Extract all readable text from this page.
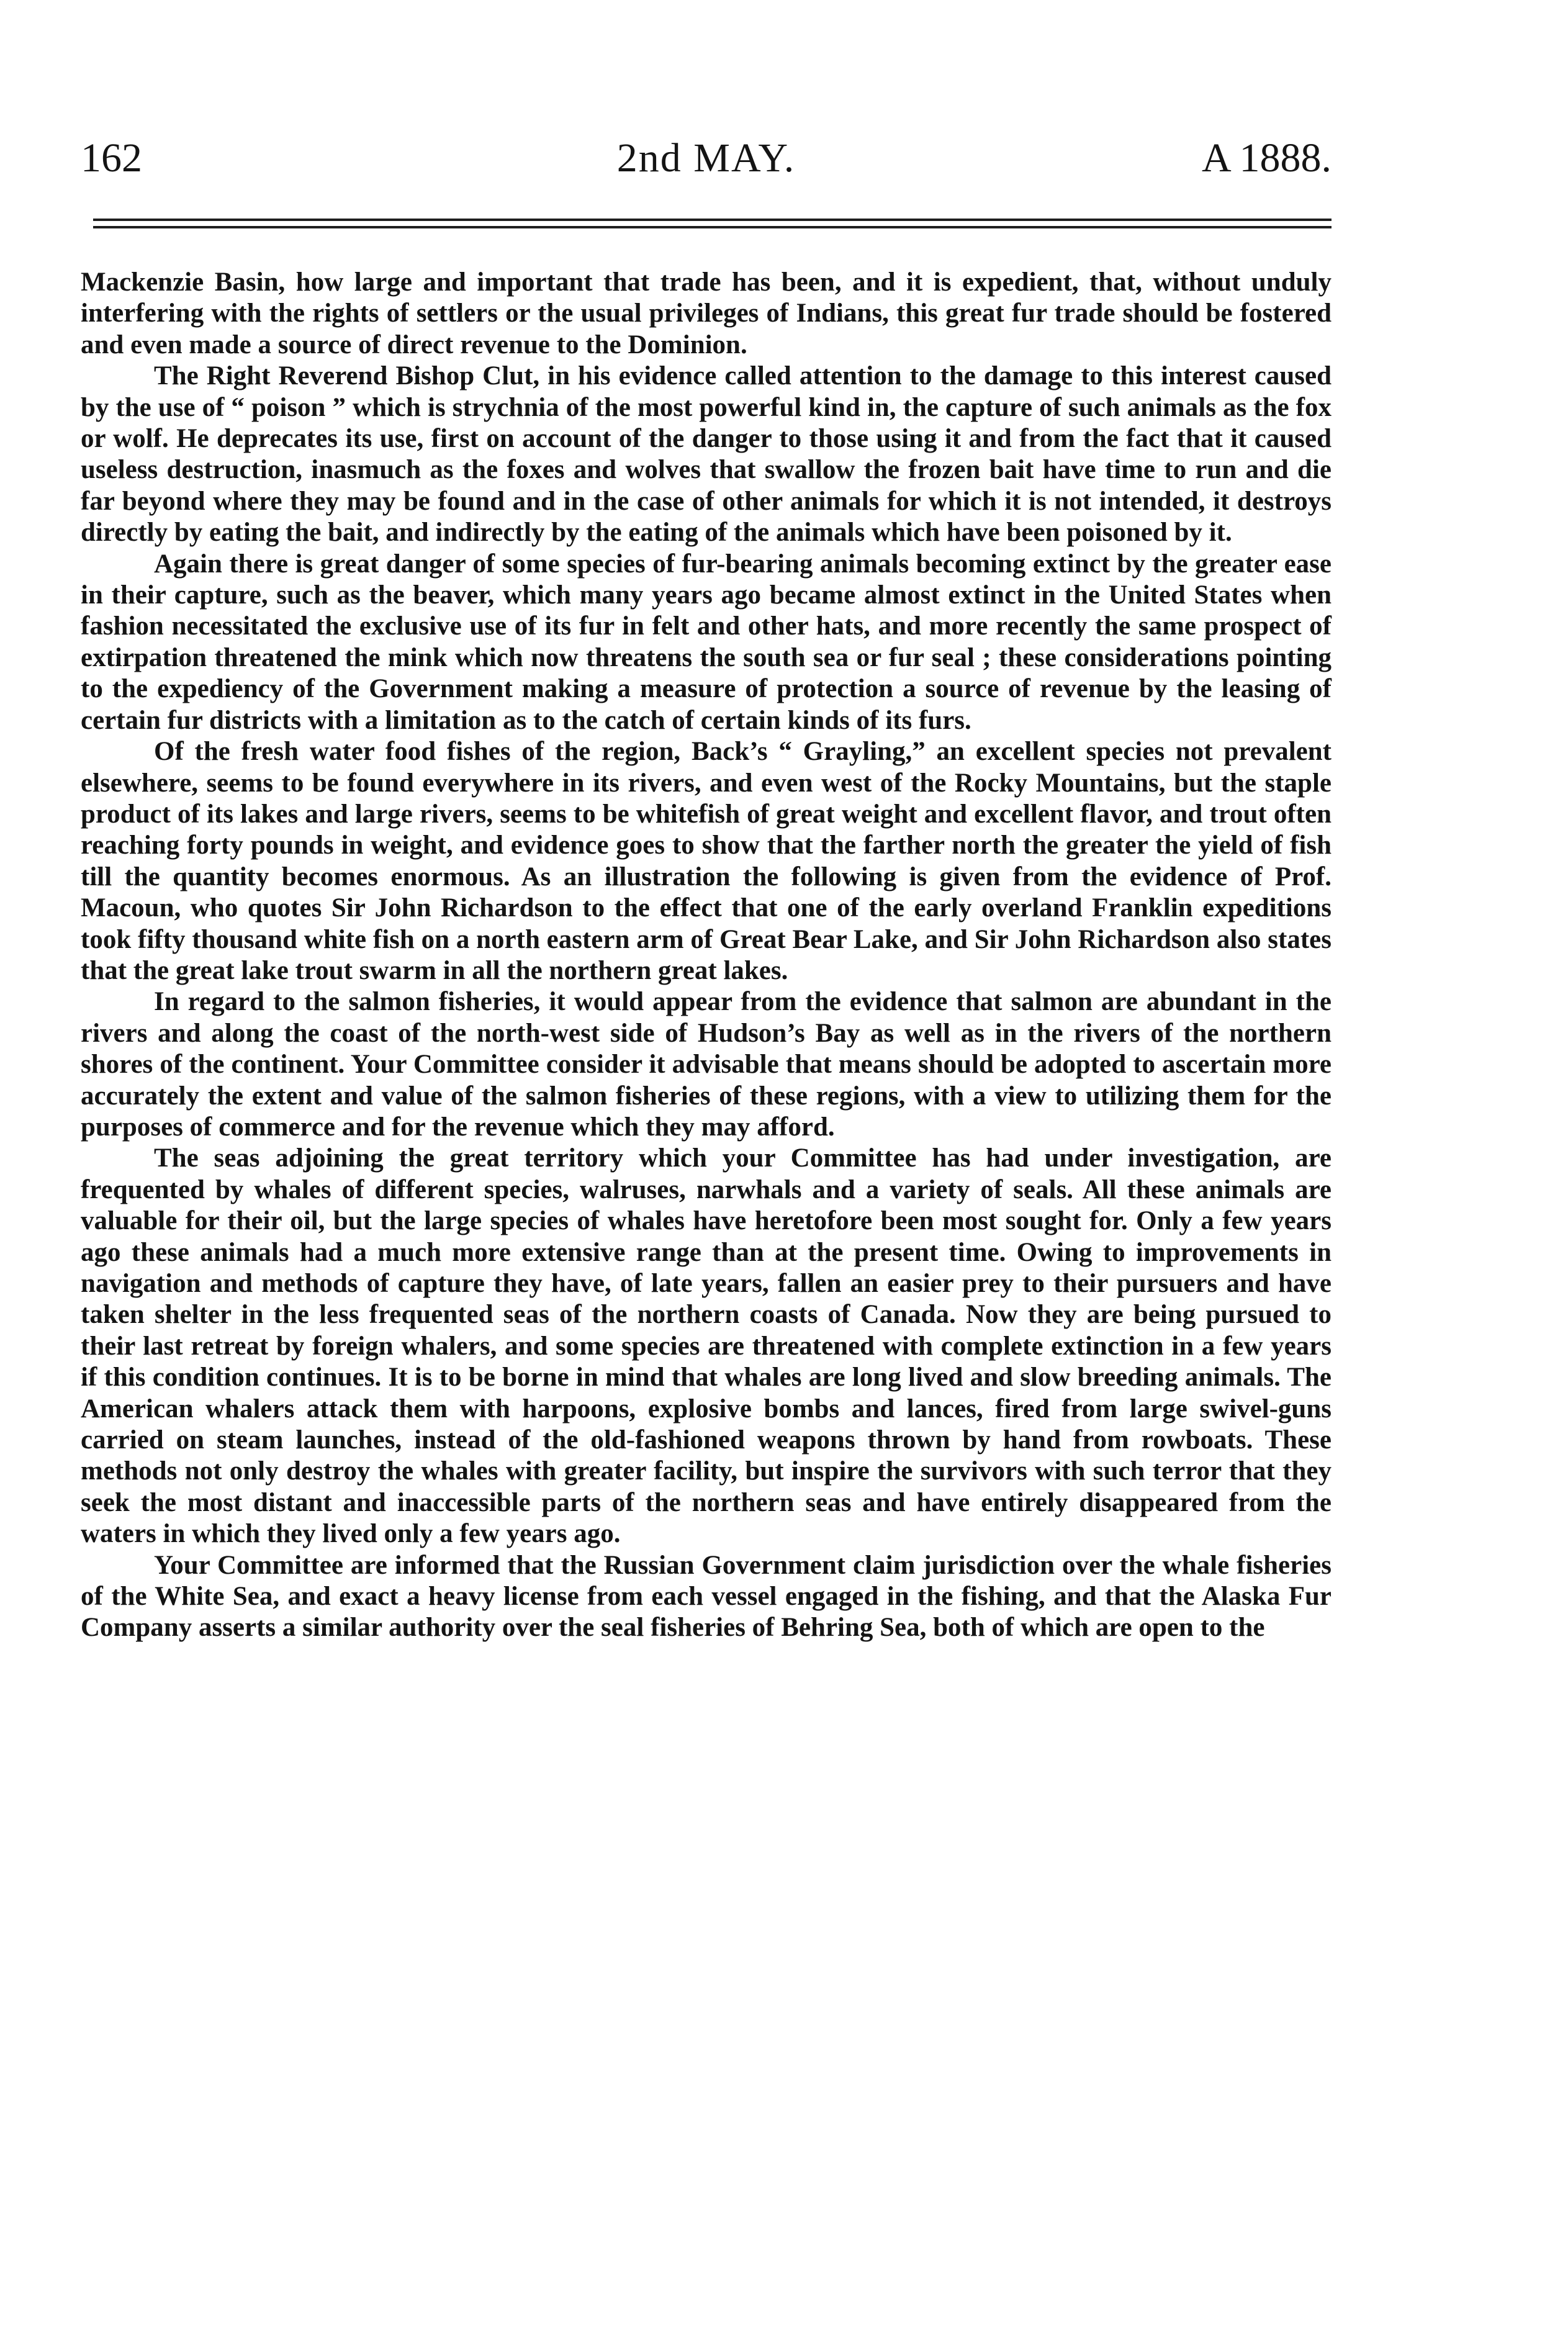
162	2nd MAY.	A 1888.

Mackenzie Basin, how large and important that trade has been, and it is expedient, that, without unduly interfering with the rights of settlers or the usual privileges of Indians, this great fur trade should be fostered and even made a source of direct revenue to the Dominion.

The Right Reverend Bishop Clut, in his evidence called attention to the damage to this interest caused by the use of “ poison ” which is strychnia of the most powerful kind in, the capture of such animals as the fox or wolf. He deprecates its use, first on account of the danger to those using it and from the fact that it caused useless destruction, inasmuch as the foxes and wolves that swallow the frozen bait have time to run and die far beyond where they may be found and in the case of other animals for which it is not intended, it destroys directly by eating the bait, and indirectly by the eating of the animals which have been poisoned by it.

Again there is great danger of some species of fur-bearing animals becoming extinct by the greater ease in their capture, such as the beaver, which many years ago became almost extinct in the United States when fashion necessitated the exclusive use of its fur in felt and other hats, and more recently the same prospect of extirpation threatened the mink which now threatens the south sea or fur seal ; these considerations pointing to the expediency of the Government making a measure of protection a source of revenue by the leasing of certain fur districts with a limitation as to the catch of certain kinds of its furs.

Of the fresh water food fishes of the region, Back’s “ Grayling,” an excellent species not prevalent elsewhere, seems to be found everywhere in its rivers, and even west of the Rocky Mountains, but the staple product of its lakes and large rivers, seems to be whitefish of great weight and excellent flavor, and trout often reaching forty pounds in weight, and evidence goes to show that the farther north the greater the yield of fish till the quantity becomes enormous. As an illustration the following is given from the evidence of Prof. Macoun, who quotes Sir John Richardson to the effect that one of the early overland Franklin expeditions took fifty thousand white fish on a north eastern arm of Great Bear Lake, and Sir John Richardson also states that the great lake trout swarm in all the northern great lakes.

In regard to the salmon fisheries, it would appear from the evidence that salmon are abundant in the rivers and along the coast of the north-west side of Hudson’s Bay as well as in the rivers of the northern shores of the continent. Your Committee consider it advisable that means should be adopted to ascertain more accurately the extent and value of the salmon fisheries of these regions, with a view to utilizing them for the purposes of commerce and for the revenue which they may afford.

The seas adjoining the great territory which your Committee has had under investigation, are frequented by whales of different species, walruses, narwhals and a variety of seals. All these animals are valuable for their oil, but the large species of whales have heretofore been most sought for. Only a few years ago these animals had a much more extensive range than at the present time. Owing to improvements in navigation and methods of capture they have, of late years, fallen an easier prey to their pursuers and have taken shelter in the less frequented seas of the northern coasts of Canada. Now they are being pursued to their last retreat by foreign whalers, and some species are threatened with complete extinction in a few years if this condition continues. It is to be borne in mind that whales are long lived and slow breeding animals. The American whalers attack them with harpoons, explosive bombs and lances, fired from large swivel-guns carried on steam launches, instead of the old-fashioned weapons thrown by hand from rowboats. These methods not only destroy the whales with greater facility, but inspire the survivors with such terror that they seek the most distant and inaccessible parts of the northern seas and have entirely disappeared from the waters in which they lived only a few years ago.

Your Committee are informed that the Russian Government claim jurisdiction over the whale fisheries of the White Sea, and exact a heavy license from each vessel engaged in the fishing, and that the Alaska Fur Company asserts a similar authority over the seal fisheries of Behring Sea, both of which are open to the
